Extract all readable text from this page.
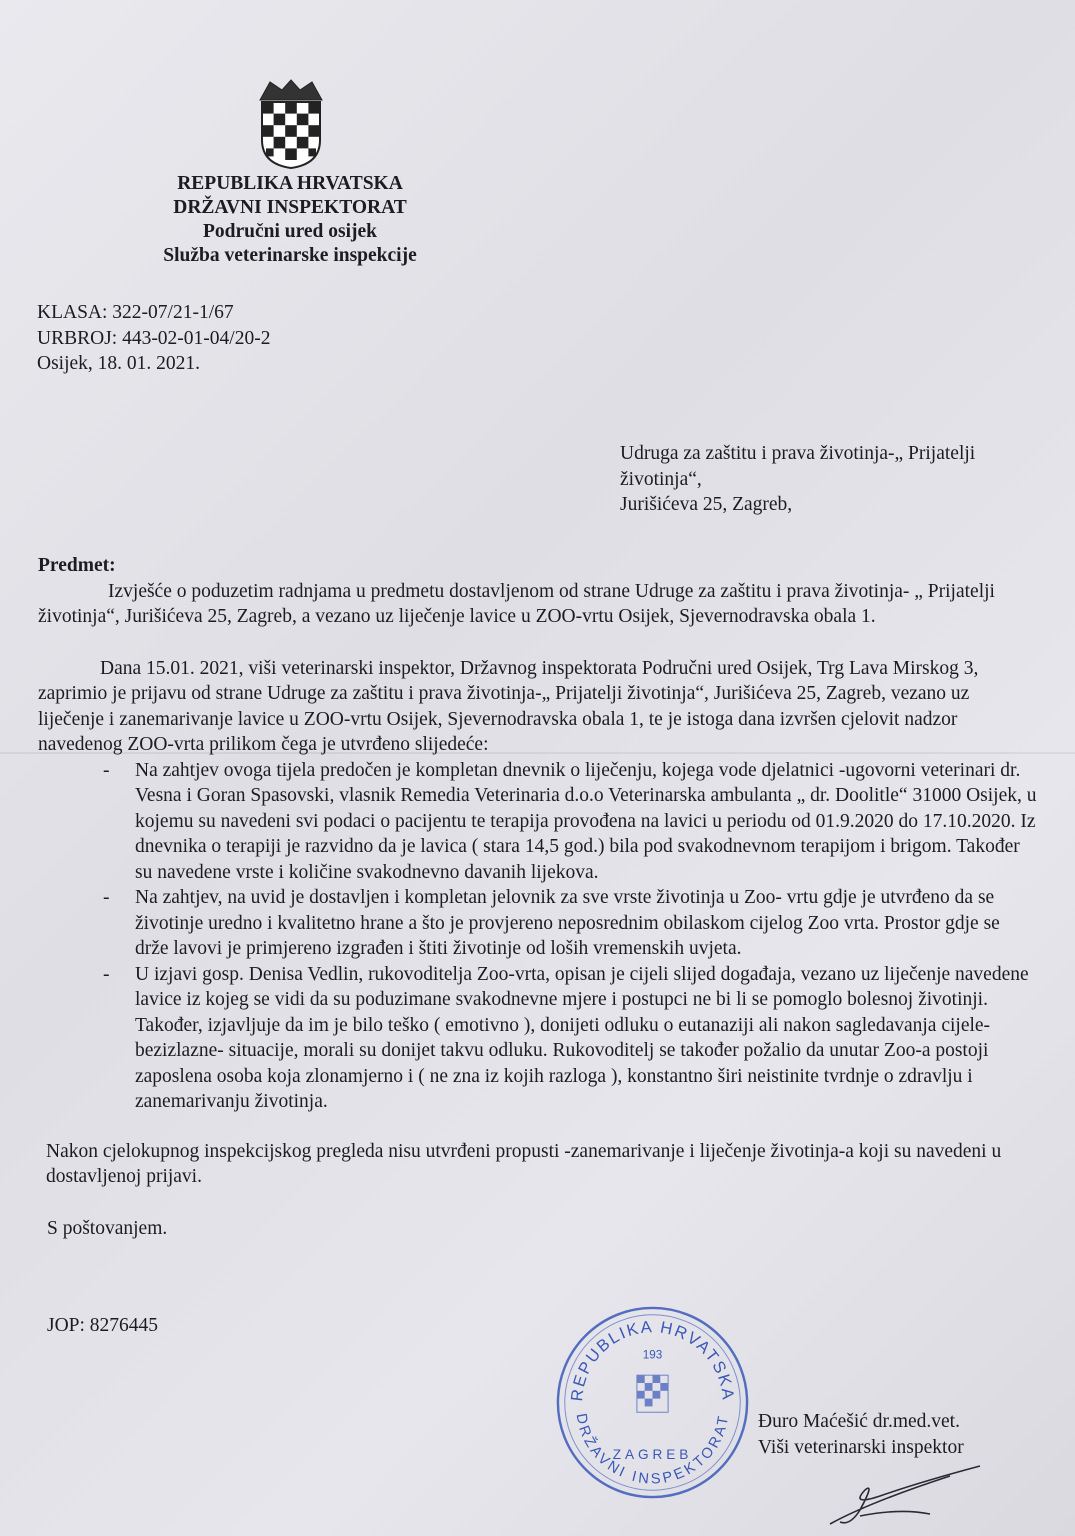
REPUBLIKA HRVATSKA
DRŽAVNI INSPEKTORAT
Područni ured osijek
Služba veterinarske inspekcije
KLASA: 322-07/21-1/67
URBROJ: 443-02-01-04/20-2
Osijek, 18. 01. 2021.
Udruga za zaštitu i prava životinja-„ Prijatelji životinja“,
Jurišićeva 25, Zagreb,
Predmet:
Izvješće o poduzetim radnjama u predmetu dostavljenom od strane Udruge za zaštitu i prava životinja- „ Prijatelji životinja“, Jurišićeva 25, Zagreb, a vezano uz liječenje lavice u ZOO-vrtu Osijek, Sjevernodravska obala 1.
Dana 15.01. 2021, viši veterinarski inspektor, Državnog inspektorata Područni ured Osijek, Trg Lava Mirskog 3, zaprimio je prijavu od strane Udruge za zaštitu i prava životinja-„ Prijatelji životinja“, Jurišićeva 25, Zagreb, vezano uz liječenje i zanemarivanje lavice u ZOO-vrtu Osijek, Sjevernodravska obala 1, te je istoga dana izvršen cjelovit nadzor navedenog ZOO-vrta prilikom čega je utvrđeno slijedeće:
- Na zahtjev ovoga tijela predočen je kompletan dnevnik o liječenju, kojega vode djelatnici -ugovorni veterinari dr. Vesna i Goran Spasovski, vlasnik Remedia Veterinaria d.o.o Veterinarska ambulanta „ dr. Doolitle“ 31000 Osijek, u kojemu su navedeni svi podaci o pacijentu te terapija provođena na lavici u periodu od 01.9.2020 do 17.10.2020. Iz dnevnika o terapiji je razvidno da je lavica ( stara 14,5 god.) bila pod svakodnevnom terapijom i brigom. Također su navedene vrste i količine svakodnevno davanih lijekova.
- Na zahtjev, na uvid je dostavljen i kompletan jelovnik za sve vrste životinja u Zoo- vrtu gdje je utvrđeno da se životinje uredno i kvalitetno hrane a što je provjereno neposrednim obilaskom cijelog Zoo vrta. Prostor gdje se drže lavovi je primjereno izgrađen i štiti životinje od loših vremenskih uvjeta.
- U izjavi gosp. Denisa Vedlin, rukovoditelja Zoo-vrta, opisan je cijeli slijed događaja, vezano uz liječenje navedene lavice iz kojeg se vidi da su poduzimane svakodnevne mjere i postupci ne bi li se pomoglo bolesnoj životinji. Također, izjavljuje da im je bilo teško ( emotivno ), donijeti odluku o eutanaziji ali nakon sagledavanja cijele-bezizlazne- situacije, morali su donijet takvu odluku. Rukovoditelj se također požalio da unutar Zoo-a postoji zaposlena osoba koja zlonamjerno i ( ne zna iz kojih razloga ), konstantno širi neistinite tvrdnje o zdravlju i zanemarivanju životinja.
Nakon cjelokupnog inspekcijskog pregleda nisu utvrđeni propusti -zanemarivanje i liječenje životinja-a koji su navedeni u dostavljenoj prijavi.
S poštovanjem.
JOP: 8276445
REPUBLIKA HRVATSKA
DRŽAVNI INSPEKTORAT
193
ZAGREB
Đuro Maćešić dr.med.vet.
Viši veterinarski inspektor
